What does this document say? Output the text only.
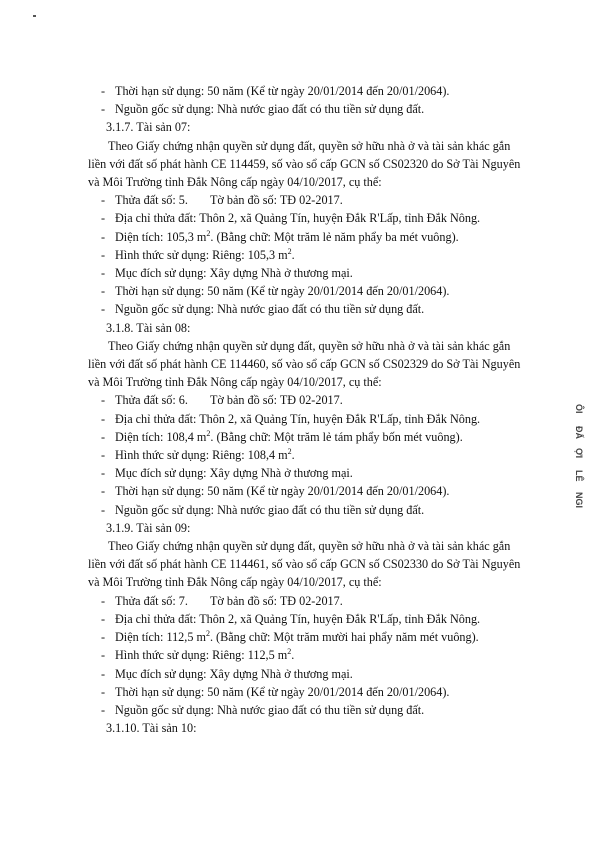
- Thời hạn sử dụng: 50 năm (Kể từ ngày 20/01/2014 đến 20/01/2064).
- Nguồn gốc sử dụng: Nhà nước giao đất có thu tiền sử dụng đất.
3.1.7. Tài sản 07:
Theo Giấy chứng nhận quyền sử dụng đất, quyền sở hữu nhà ở và tài sản khác gắn
liền với đất số phát hành CE 114459, số vào sổ cấp GCN số CS02320 do Sở Tài Nguyên
và Môi Trường tỉnh Đắk Nông cấp ngày 04/10/2017, cụ thể:
- Thửa đất số: 5. Tờ bản đồ số: TĐ 02-2017.
- Địa chỉ thửa đất: Thôn 2, xã Quảng Tín, huyện Đắk R'Lấp, tỉnh Đắk Nông.
- Diện tích: 105,3 $m^2$. (Bằng chữ: Một trăm lẻ năm phẩy ba mét vuông).
- Hình thức sử dụng: Riêng: 105,3 $m^2$.
- Mục đích sử dụng: Xây dựng Nhà ở thương mại.
- Thời hạn sử dụng: 50 năm (Kể từ ngày 20/01/2014 đến 20/01/2064).
- Nguồn gốc sử dụng: Nhà nước giao đất có thu tiền sử dụng đất.
3.1.8. Tài sản 08:
Theo Giấy chứng nhận quyền sử dụng đất, quyền sở hữu nhà ở và tài sản khác gắn
liền với đất số phát hành CE 114460, số vào sổ cấp GCN số CS02329 do Sở Tài Nguyên
và Môi Trường tỉnh Đắk Nông cấp ngày 04/10/2017, cụ thể:
- Thửa đất số: 6. Tờ bản đồ số: TĐ 02-2017.
- Địa chỉ thửa đất: Thôn 2, xã Quảng Tín, huyện Đắk R'Lấp, tỉnh Đắk Nông.
- Diện tích: 108,4 $m^2$. (Bằng chữ: Một trăm lẻ tám phẩy bốn mét vuông).
- Hình thức sử dụng: Riêng: 108,4 $m^2$.
- Mục đích sử dụng: Xây dựng Nhà ở thương mại.
- Thời hạn sử dụng: 50 năm (Kể từ ngày 20/01/2014 đến 20/01/2064).
- Nguồn gốc sử dụng: Nhà nước giao đất có thu tiền sử dụng đất.
3.1.9. Tài sản 09:
Theo Giấy chứng nhận quyền sử dụng đất, quyền sở hữu nhà ở và tài sản khác gắn
liền với đất số phát hành CE 114461, số vào sổ cấp GCN số CS02330 do Sở Tài Nguyên
và Môi Trường tỉnh Đắk Nông cấp ngày 04/10/2017, cụ thể:
- Thửa đất số: 7. Tờ bản đồ số: TĐ 02-2017.
- Địa chỉ thửa đất: Thôn 2, xã Quảng Tín, huyện Đắk R'Lấp, tỉnh Đắk Nông.
- Diện tích: 112,5 $m^2$. (Bằng chữ: Một trăm mười hai phẩy năm mét vuông).
- Hình thức sử dụng: Riêng: 112,5 $m^2$.
- Mục đích sử dụng: Xây dựng Nhà ở thương mại.
- Thời hạn sử dụng: 50 năm (Kể từ ngày 20/01/2014 đến 20/01/2064).
- Nguồn gốc sử dụng: Nhà nước giao đất có thu tiền sử dụng đất.
3.1.10. Tài sản 10:
ÔI
ĐẤ
ỢI
LÊ
NGI
